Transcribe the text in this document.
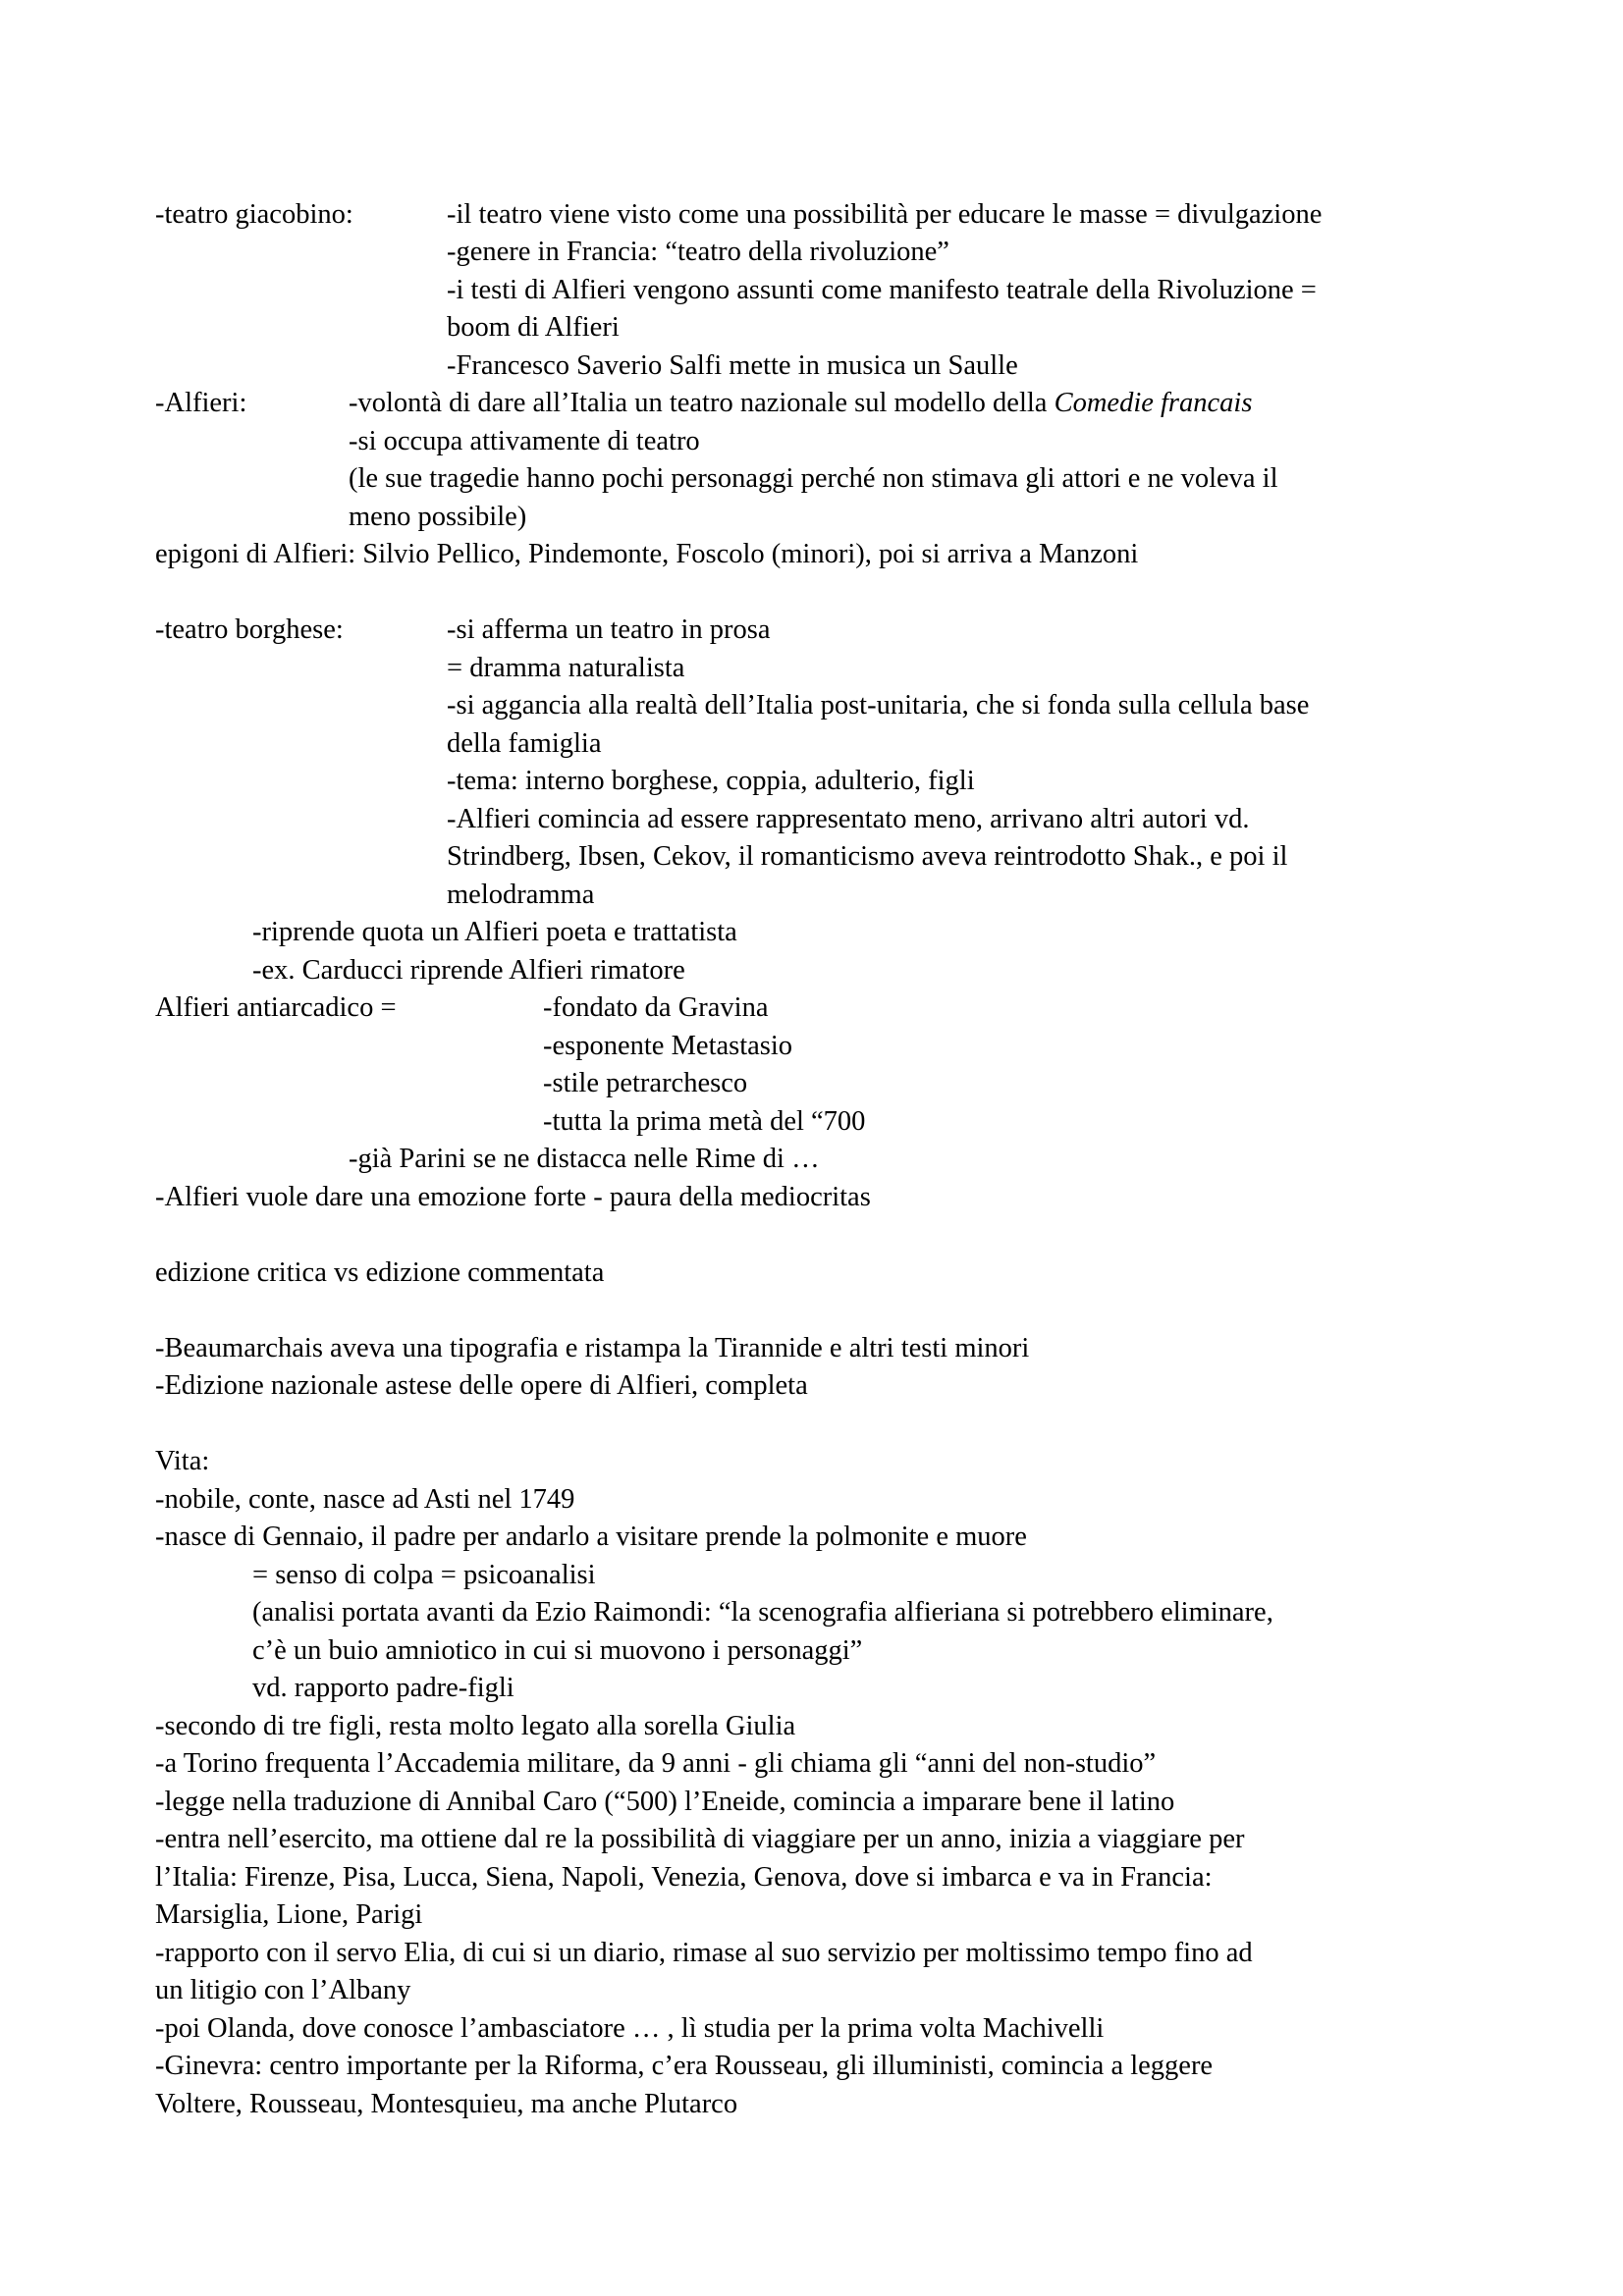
-teatro giacobino:	-il teatro viene visto come una possibilità per educare le masse = divulgazione
-genere in Francia: “teatro della rivoluzione”
-i testi di Alfieri vengono assunti come manifesto teatrale della Rivoluzione =
boom di Alfieri
-Francesco Saverio Salfi mette in musica un Saulle
-Alfieri:	-volontà di dare all’Italia un teatro nazionale sul modello della Comedie francais
-si occupa attivamente di teatro
(le sue tragedie hanno pochi personaggi perché non stimava gli attori e ne voleva il
meno possibile)
epigoni di Alfieri: Silvio Pellico, Pindemonte, Foscolo (minori), poi si arriva a Manzoni
-teatro borghese:	-si afferma un teatro in prosa
= dramma naturalista
-si aggancia alla realtà dell’Italia post-unitaria, che si fonda sulla cellula base
della famiglia
-tema: interno borghese, coppia, adulterio, figli
-Alfieri comincia ad essere rappresentato meno, arrivano altri autori vd.
Strindberg, Ibsen, Cekov, il romanticismo aveva reintrodotto Shak., e poi il
melodramma
-riprende quota un Alfieri poeta e trattatista
-ex. Carducci riprende Alfieri rimatore
Alfieri antiarcadico =	-fondato da Gravina
-esponente Metastasio
-stile petrarchesco
-tutta la prima metà del “700
-già Parini se ne distacca nelle Rime di …
-Alfieri vuole dare una emozione forte - paura della mediocritas
edizione critica vs edizione commentata
-Beaumarchais aveva una tipografia e ristampa la Tirannide e altri testi minori
-Edizione nazionale astese delle opere di Alfieri, completa
Vita:
-nobile, conte, nasce ad Asti nel 1749
-nasce di Gennaio, il padre per andarlo a visitare prende la polmonite e muore
= senso di colpa = psicoanalisi
(analisi portata avanti da Ezio Raimondi: “la scenografia alfieriana si potrebbero eliminare,
c’è un buio amniotico in cui si muovono i personaggi”
vd. rapporto padre-figli
-secondo di tre figli, resta molto legato alla sorella Giulia
-a Torino frequenta l’Accademia militare, da 9 anni - gli chiama gli “anni del non-studio”
-legge nella traduzione di Annibal Caro (“500) l’Eneide, comincia a imparare bene il latino
-entra nell’esercito, ma ottiene dal re la possibilità di viaggiare per un anno, inizia a viaggiare per
l’Italia: Firenze, Pisa, Lucca, Siena, Napoli, Venezia, Genova, dove si imbarca e va in Francia:
Marsiglia, Lione, Parigi
-rapporto con il servo Elia, di cui si un diario, rimase al suo servizio per moltissimo tempo fino ad
un litigio con l’Albany
-poi Olanda, dove conosce l’ambasciatore … , lì studia per la prima volta Machivelli
-Ginevra: centro importante per la Riforma, c’era Rousseau, gli illuministi, comincia a leggere
Voltere, Rousseau, Montesquieu, ma anche Plutarco
